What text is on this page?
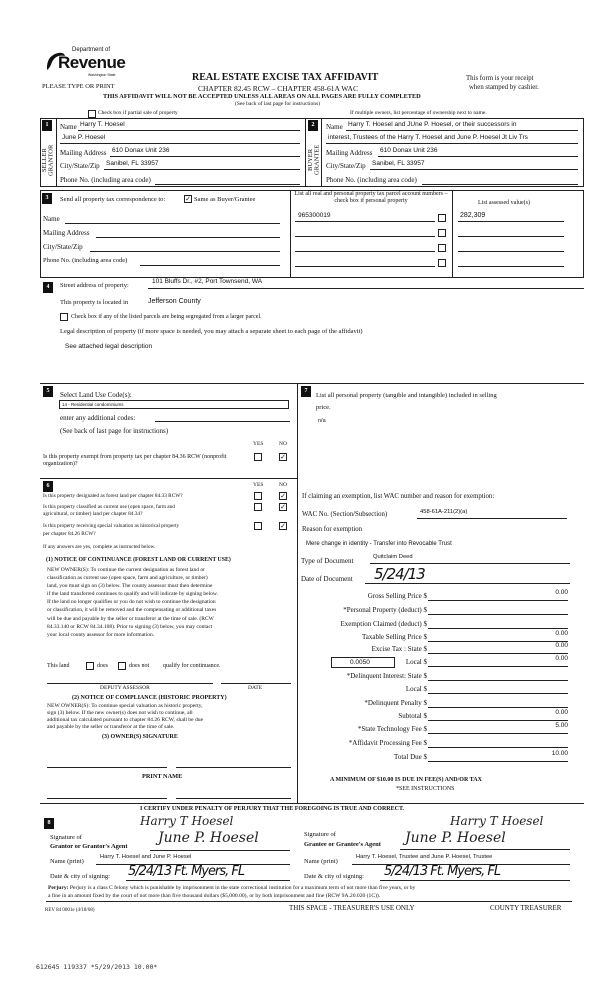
Department of
Revenue
Washington State
PLEASE TYPE OR PRINT
REAL ESTATE EXCISE TAX AFFIDAVIT
CHAPTER 82.45 RCW – CHAPTER 458-61A WAC
THIS AFFIDAVIT WILL NOT BE ACCEPTED UNLESS ALL AREAS ON ALL PAGES ARE FULLY COMPLETED
(See back of last page for instructions)
This form is your receipt
when stamped by cashier.
Check box if partial sale of property	If multiple owners, list percentage of ownership next to name.
1
SELLER GRANTOR
Name Harry T. Hoesel
June P. Hoesel
Mailing Address 610 Donax Unit 236
City/State/Zip Sanibel, FL 33957
Phone No. (including area code)
2
BUYER GRANTEE
Name Harry T. Hoesel and JUne P. Hoesel, or their successors in
interest, Trustees of the Harry T. Hoesel and June P. Hoesel Jt Liv Trs
Mailing Address 610 Donax Unit 236
City/State/Zip Sanibel, FL 33957
Phone No. (including area code)
3	Send all property tax correspondence to:	✓ Same as Buyer/Grantee
Name
Mailing Address
City/State/Zip
Phone No. (including area code)
List all real and personal property tax parcel account numbers – check box if personal property	List assessed value(s)
965300019	282,309
4	Street address of property:
101 Bluffs Dr., #2, Port Townsend, WA
This property is located in	Jefferson County
Check box if any of the listed parcels are being segregated from a larger parcel.
Legal description of property (if more space is needed, you may attach a separate sheet to each page of the affidavit)
See attached legal description
5	Select Land Use Code(s):
14 - Residential condominiums
enter any additional codes:
(See back of last page for instructions)
YES	NO
Is this property exempt from property tax per chapter 84.36 RCW (nonprofit organization)?
✓
7
List all personal property (tangible and intangible) included in selling
price.
n/a
6	YES	NO
Is this property designated as forest land per chapter 84.33 RCW?	✓
Is this property classified as current use (open space, farm and
agricultural, or timber) land per chapter 84.34?
✓
Is this property receiving special valuation as historical property
per chapter 84.26 RCW?
✓
If any answers are yes, complete as instructed below.
(1) NOTICE OF CONTINUANCE (FOREST LAND OR CURRENT USE)
NEW OWNER(S): To continue the current designation as forest land or
classification as current use (open space, farm and agriculture, or timber)
land, you must sign on (3) below. The county assessor must then determine
if the land transferred continues to qualify and will indicate by signing below.
If the land no longer qualifies or you do not wish to continue the designation
or classification, it will be removed and the compensating or additional taxes
will be due and payable by the seller or transferor at the time of sale. (RCW
84.33.140 or RCW 84.34.108). Prior to signing (3) below, you may contact
your local county assessor for more information.
This land	does	does not qualify for continuance.
DEPUTY ASSESSOR	DATE
(2) NOTICE OF COMPLIANCE (HISTORIC PROPERTY)
NEW OWNER(S): To continue special valuation as historic property,
sign (3) below. If the new owner(s) does not wish to continue, all
additional tax calculated pursuant to chapter 84.26 RCW, shall be due
and payable by the seller or transferor at the time of sale.
(3) OWNER(S) SIGNATURE
PRINT NAME
If claiming an exemption, list WAC number and reason for exemption:
WAC No. (Section/Subsection)	458-61A-211(2)(a)
Reason for exemption
Mere change in identity - Transfer into Revocable Trust
Type of Document	Quitclaim Deed
Date of Document 5/24/13
Gross Selling Price $	0.00
*Personal Property (deduct) $
Exemption Claimed (deduct) $
Taxable Selling Price $	0.00
Excise Tax : State $	0.00
Local $	0.00
*Delinquent Interest: State $
Local $
*Delinquent Penalty $
Subtotal $	0.00
*State Technology Fee $	5.00
*Affidavit Processing Fee $
Total Due $	10.00
0.0050
A MINIMUM OF $10.00 IS DUE IN FEE(S) AND/OR TAX
*SEE INSTRUCTIONS
8
I CERTIFY UNDER PENALTY OF PERJURY THAT THE FOREGOING IS TRUE AND CORRECT.
Signature of
Grantor or Grantor's Agent
Harry T Hoesel
June P. Hoesel
Name (print)
Harry T. Hoesel and June P. Hoesel
Date & city of signing: 5/24/13 Ft. Myers, FL
Signature of
Grantee or Grantee's Agent
Harry T Hoesel
June P. Hoesel
Name (print)
Harry T. Hoesel, Trustee and June P. Hoesel, Trustee
Date & city of signing: 5/24/13 Ft. Myers, FL
Perjury: Perjury is a class C felony which is punishable by imprisonment in the state correctional institution for a maximum term of not more than five years, or by
a fine in an amount fixed by the court of not more than five thousand dollars ($5,000.00), or by both imprisonment and fine (RCW 9A.20.020 (1C)).
REV 84 0001e (4/18/08)	THIS SPACE - TREASURER'S USE ONLY	COUNTY TREASURER
612645 119337 *5/29/2013 10.00*
